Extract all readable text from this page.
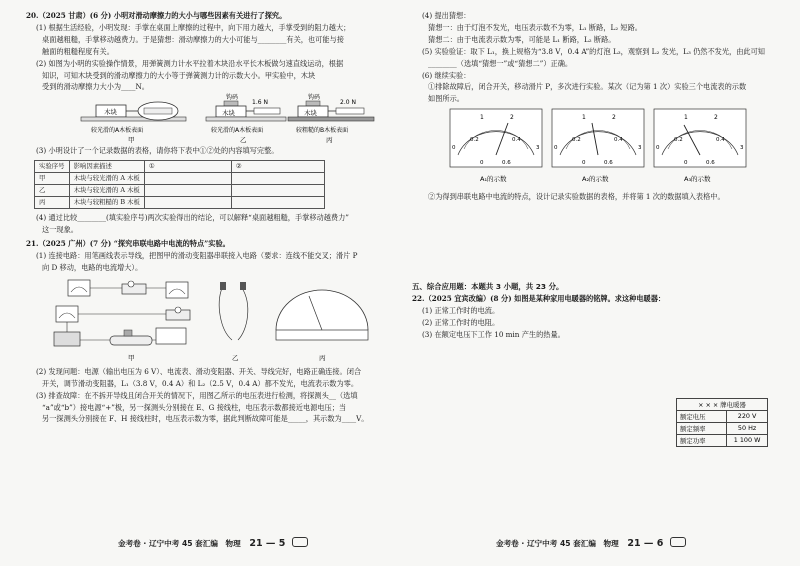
20.（2025 甘肃）(6 分) 小明对滑动摩擦力的大小与哪些因素有关进行了探究。

(1) 根据生活经验，小明发现：手掌在桌面上摩擦的过程中，向下用力越大，手掌受到的阻力越大；

桌面越粗糙，手掌移动越费力。于是猜想：滑动摩擦力的大小可能与________有关，也可能与接

触面的粗糙程度有关。

(2) 如图为小明的实验操作情景，用弹簧测力计水平拉着木块沿水平长木板做匀速直线运动，根据

知识，可知木块受到的滑动摩擦力的大小等于弹簧测力计的示数大小。甲实验中，木块

受到的滑动摩擦力大小为____N。

木块
较光滑的A木板表面
甲
钩码
木块
1.6 N
较光滑的A木板表面
乙
钩码
木块
2.0 N
较粗糙的B木板表面
丙

(3) 小明设计了一个记录数据的表格，请你将下表中①②处的内容填写完整。

实验序号	影响因素描述	①	②
甲	木块与较光滑的 A 木板		
乙	木块与较光滑的 A 木板		
丙	木块与较粗糙的 B 木板		

(4) 通过比较________(填实验序号)两次实验得出的结论，可以解释“桌面越粗糙，手掌移动越费力”

这一现象。

21.（2025 广州）(7 分) “探究串联电路中电流的特点”实验。

(1) 连接电路：用笔画线表示导线，把图甲的滑动变阻器串联接入电路（要求：连线不能交叉；滑片 P

向 D 移动，电路的电流增大）。

甲	乙	丙

(2) 发现问题：电源（输出电压为 6 V）、电流表、滑动变阻器、开关、导线完好，电路正确连接。闭合

开关，调节滑动变阻器，L₁（3.8 V，0.4 A）和 L₂（2.5 V，0.4 A）都不发光，电流表示数为零。

(3) 排查故障：在不拆开导线且闭合开关的情况下，用图乙所示的电压表进行检测，将探测头__（选填

“a”或“b”）接电源“+”极，另一探测头分别接在 E、G 接线柱，电压表示数都接近电源电压；当

另一探测头分别接在 F、H 接线柱时，电压表示数为零，据此判断故障可能是_____，其示数为____V。

金考卷 · 辽宁中考 45 套汇编　物理 21 — 5

(4) 提出猜想：

猜想一：由于灯泡不发光，电压表示数不为零，L₁ 断路，L₂ 短路。

猜想二：由于电流表示数为零，可能是 L₁ 断路，L₂ 断路。

(5) 实验验证：取下 L₁，换上规格为“3.8 V，0.4 A”的灯泡 L₃，观察到 L₂ 发光，L₃ 仍然不发光，由此可知

________（选填“猜想一”或“猜想二”）正确。

(6) 继续实验：

①排除故障后，闭合开关，移动滑片 P，多次进行实验。某次（记为第 1 次）实验三个电流表的示数

如图所示。

1	2
0.2	0.4
0	3
0	0.6
A₁的示数
1	2
0.2	0.4
0	3
0	0.6
A₂的示数
1	2
0.2	0.4
0	3
0	0.6
A₃的示数

②为得到串联电路中电流的特点，设计记录实验数据的表格，并将第 1 次的数据填入表格中。

五、综合应用题：本题共 3 小题，共 23 分。

22.（2025 宜宾改编）(8 分) 如图是某种家用电暖器的铭牌。求这种电暖器：

(1) 正常工作时的电流。

(2) 正常工作时的电阻。

(3) 在额定电压下工作 10 min 产生的热量。

× × × 牌电暖器
额定电压	220 V
额定频率	50 Hz
额定功率	1 100 W
金考卷 · 辽宁中考 45 套汇编　物理 21 — 6
